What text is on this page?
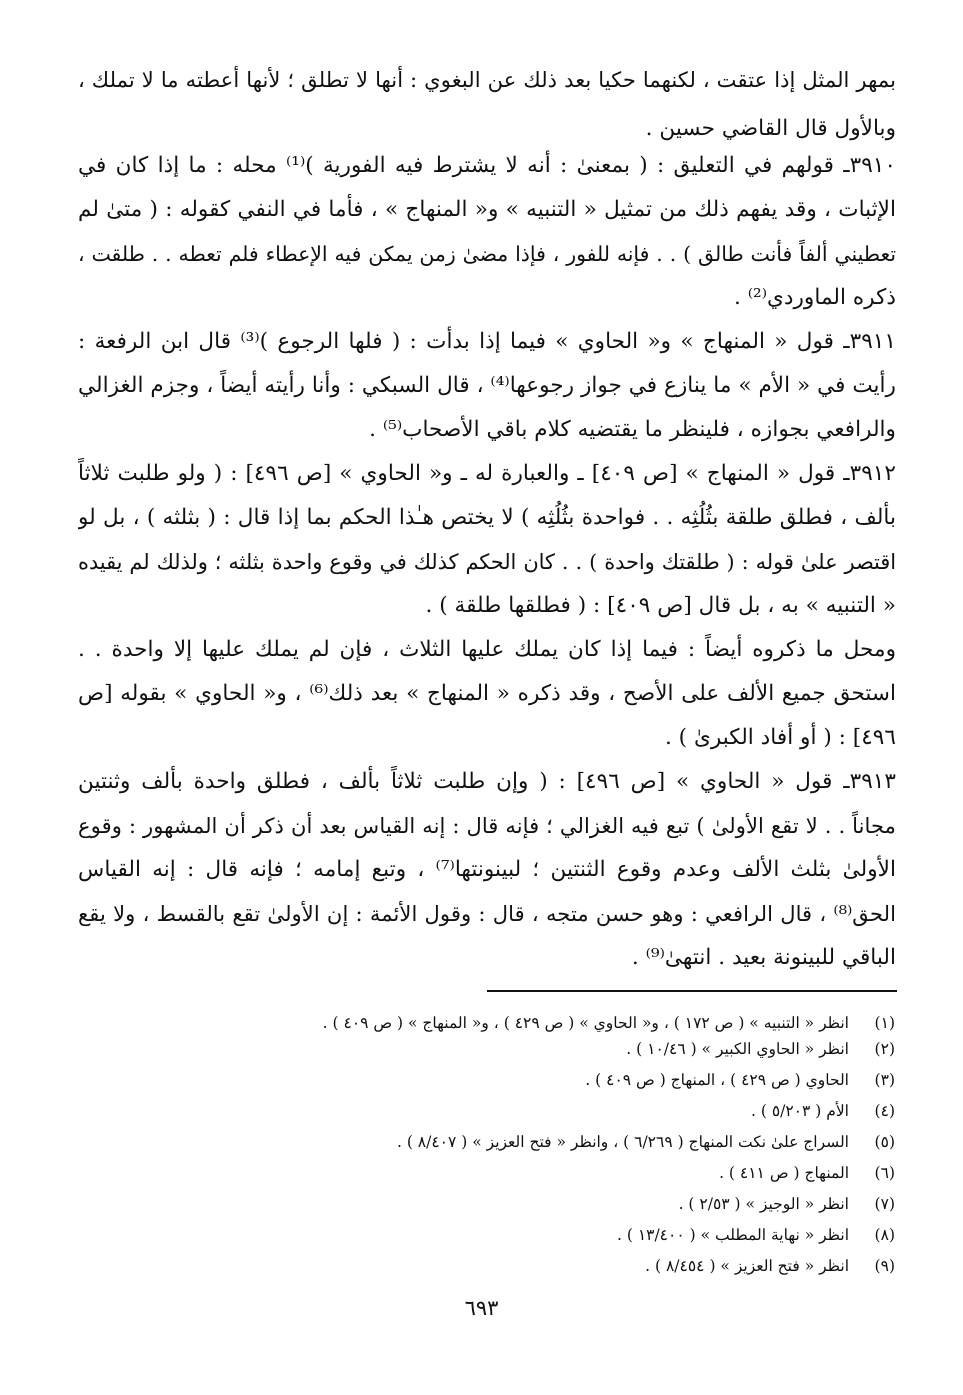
بمهر المثل إذا عتقت ، لكنهما حكيا بعد ذلك عن البغوي : أنها لا تطلق ؛ لأنها أعطته ما لا تملك ،
وبالأول قال القاضي حسين .
٣٩١٠ـ قولهم في التعليق : ( بمعنىٰ : أنه لا يشترط فيه الفورية )⁽¹⁾ محله : ما إذا كان في
الإثبات ، وقد يفهم ذلك من تمثيل « التنبيه » و« المنهاج » ، فأما في النفي كقوله : ( متىٰ لم
تعطيني ألفاً فأنت طالق ) . . فإنه للفور ، فإذا مضىٰ زمن يمكن فيه الإعطاء فلم تعطه . . طلقت ،
ذكره الماوردي⁽²⁾ .
٣٩١١ـ قول « المنهاج » و« الحاوي » فيما إذا بدأت : ( فلها الرجوع )⁽³⁾ قال ابن الرفعة :
رأيت في « الأم » ما ينازع في جواز رجوعها⁽⁴⁾ ، قال السبكي : وأنا رأيته أيضاً ، وجزم الغزالي
والرافعي بجوازه ، فلينظر ما يقتضيه كلام باقي الأصحاب⁽⁵⁾ .
٣٩١٢ـ قول « المنهاج » [ص ٤٠٩] ـ والعبارة له ـ و« الحاوي » [ص ٤٩٦] : ( ولو طلبت ثلاثاً
بألف ، فطلق طلقة بثُلُثِه . . فواحدة بثُلُثِه ) لا يختص هـٰذا الحكم بما إذا قال : ( بثلثه ) ، بل لو
اقتصر علىٰ قوله : ( طلقتك واحدة ) . . كان الحكم كذلك في وقوع واحدة بثلثه ؛ ولذلك لم يقيده
« التنبيه » به ، بل قال [ص ٤٠٩] : ( فطلقها طلقة ) .
ومحل ما ذكروه أيضاً : فيما إذا كان يملك عليها الثلاث ، فإن لم يملك عليها إلا واحدة . .
استحق جميع الألف على الأصح ، وقد ذكره « المنهاج » بعد ذلك⁽⁶⁾ ، و« الحاوي » بقوله [ص
٤٩٦] : ( أو أفاد الكبرىٰ ) .
٣٩١٣ـ قول « الحاوي » [ص ٤٩٦] : ( وإن طلبت ثلاثاً بألف ، فطلق واحدة بألف وثنتين
مجاناً . . لا تقع الأولىٰ ) تبع فيه الغزالي ؛ فإنه قال : إنه القياس بعد أن ذكر أن المشهور : وقوع
الأولىٰ بثلث الألف وعدم وقوع الثنتين ؛ لبينونتها⁽⁷⁾ ، وتبع إمامه ؛ فإنه قال : إنه القياس
الحق⁽⁸⁾ ، قال الرافعي : وهو حسن متجه ، قال : وقول الأئمة : إن الأولىٰ تقع بالقسط ، ولا يقع
الباقي للبينونة بعيد . انتهىٰ⁽⁹⁾ .
(١)انظر « التنبيه » ( ص ١٧٢ ) ، و« الحاوي » ( ص ٤٢٩ ) ، و« المنهاج » ( ص ٤٠٩ ) .
(٢)انظر « الحاوي الكبير » ( ١٠/٤٦ ) .
(٣)الحاوي ( ص ٤٢٩ ) ، المنهاج ( ص ٤٠٩ ) .
(٤)الأم ( ٥/٢٠٣ ) .
(٥)السراج علىٰ نكت المنهاج ( ٦/٢٦٩ ) ، وانظر « فتح العزيز » ( ٨/٤٠٧ ) .
(٦)المنهاج ( ص ٤١١ ) .
(٧)انظر « الوجيز » ( ٢/٥٣ ) .
(٨)انظر « نهاية المطلب » ( ١٣/٤٠٠ ) .
(٩)انظر « فتح العزيز » ( ٨/٤٥٤ ) .
٦٩٣
